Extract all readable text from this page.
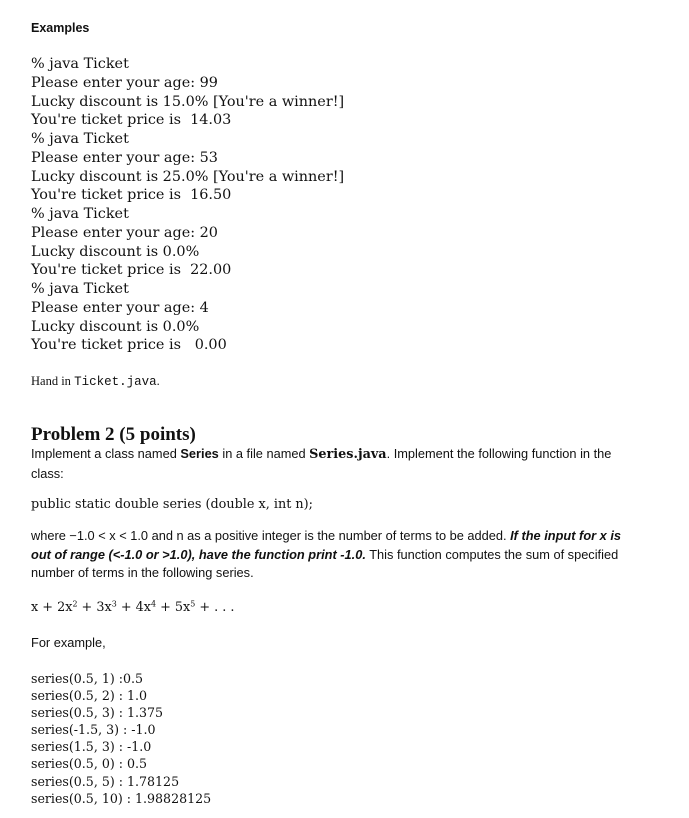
Examples
% java Ticket
Please enter your age: 99
Lucky discount is 15.0% [You're a winner!]
You're ticket price is  14.03
% java Ticket
Please enter your age: 53
Lucky discount is 25.0% [You're a winner!]
You're ticket price is  16.50
% java Ticket
Please enter your age: 20
Lucky discount is 0.0%
You're ticket price is  22.00
% java Ticket
Please enter your age: 4
Lucky discount is 0.0%
You're ticket price is   0.00
Hand in Ticket.java.
Problem 2 (5 points)
Implement a class named Series in a file named Series.java. Implement the following function in the class:
public static double series (double x, int n);
where −1.0 < x < 1.0 and n as a positive integer is the number of terms to be added. If the input for x is out of range (<-1.0 or >1.0), have the function print -1.0. This function computes the sum of specified number of terms in the following series.
$x + 2x^2 + 3x^3 + 4x^4 + 5x^5$ + . . .
For example,
series(0.5, 1) :0.5
series(0.5, 2) : 1.0
series(0.5, 3) : 1.375
series(-1.5, 3) : -1.0
series(1.5, 3) : -1.0
series(0.5, 0) : 0.5
series(0.5, 5) : 1.78125
series(0.5, 10) : 1.98828125
